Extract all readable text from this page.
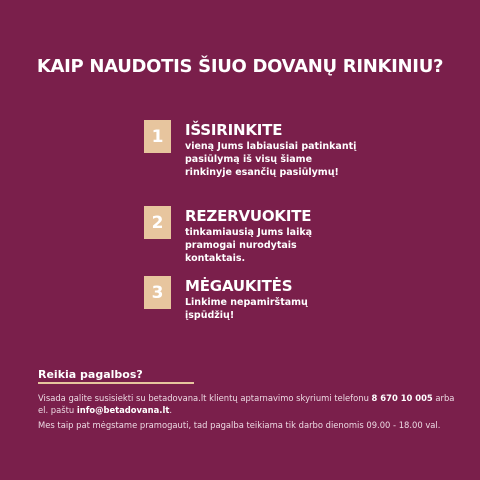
KAIP NAUDOTIS ŠIUO DOVANŲ RINKINIU?
1	IŠSIRINKITE
vieną Jums labiausiai patinkantį pasiūlymą iš visų šiame rinkinyje esančių pasiūlymų!
2	REZERVUOKITE
tinkamiausią Jums laiką pramogai nurodytais kontaktais.
3	MĖGAUKITĖS
Linkime nepamirštamų įspūdžių!
Reikia pagalbos?

Visada galite susisiekti su betadovana.lt klientų aptarnavimo skyriumi telefonu 8 670 10 005 arba el. paštu info@betadovana.lt.

Mes taip pat mėgstame pramogauti, tad pagalba teikiama tik darbo dienomis 09.00 - 18.00 val.
